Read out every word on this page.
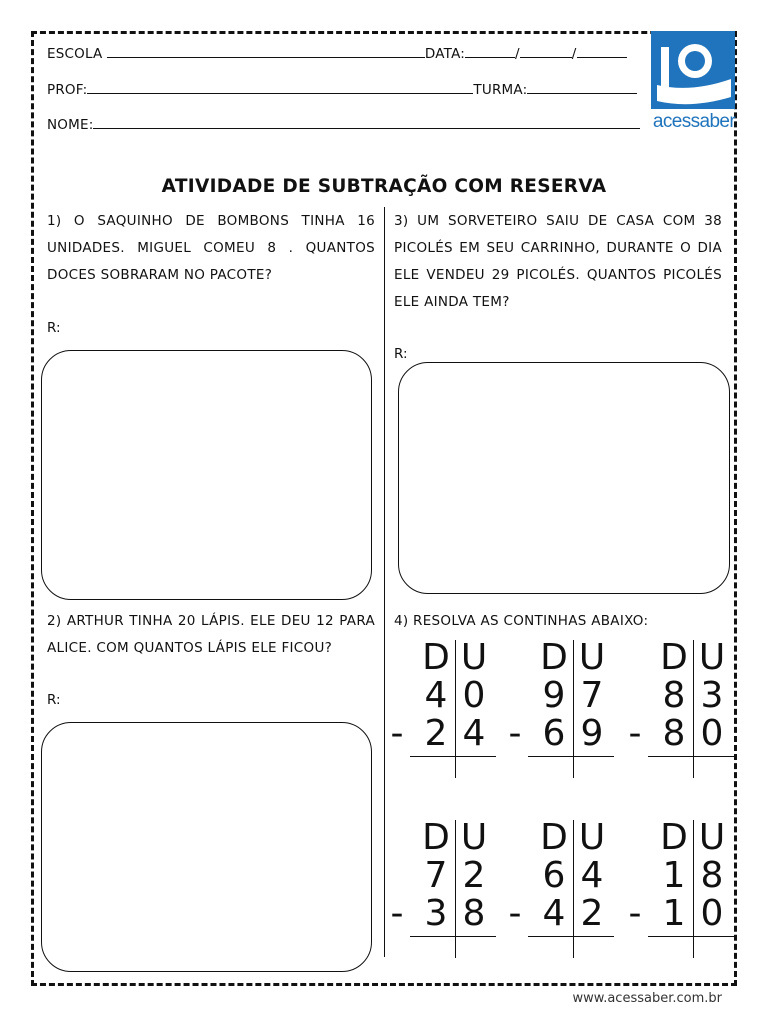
ESCOLA	DATA:	/	/
PROF:	TURMA:
NOME:	acessaber
ATIVIDADE DE SUBTRAÇÃO COM RESERVA
1) O SAQUINHO DE BOMBONS TINHA 16 UNIDADES. MIGUEL COMEU 8 . QUANTOS DOCES SOBRARAM NO PACOTE?
R:
2) ARTHUR TINHA 20 LÁPIS. ELE DEU 12 PARA ALICE. COM QUANTOS LÁPIS ELE FICOU?
R:
3) UM SORVETEIRO SAIU DE CASA COM 38 PICOLÉS EM SEU CARRINHO, DURANTE O DIA ELE VENDEU 29 PICOLÉS. QUANTOS PICOLÉS ELE AINDA TEM?
R:
4) RESOLVA AS CONTINHAS ABAIXO:
D U
4 0
2 4
-
D U
9 7
6 9
-
D U
8 3
8 0
-
D U
7 2
3 8
-
D U
6 4
4 2
-
D U
1 8
1 0
-
www.acessaber.com.br
